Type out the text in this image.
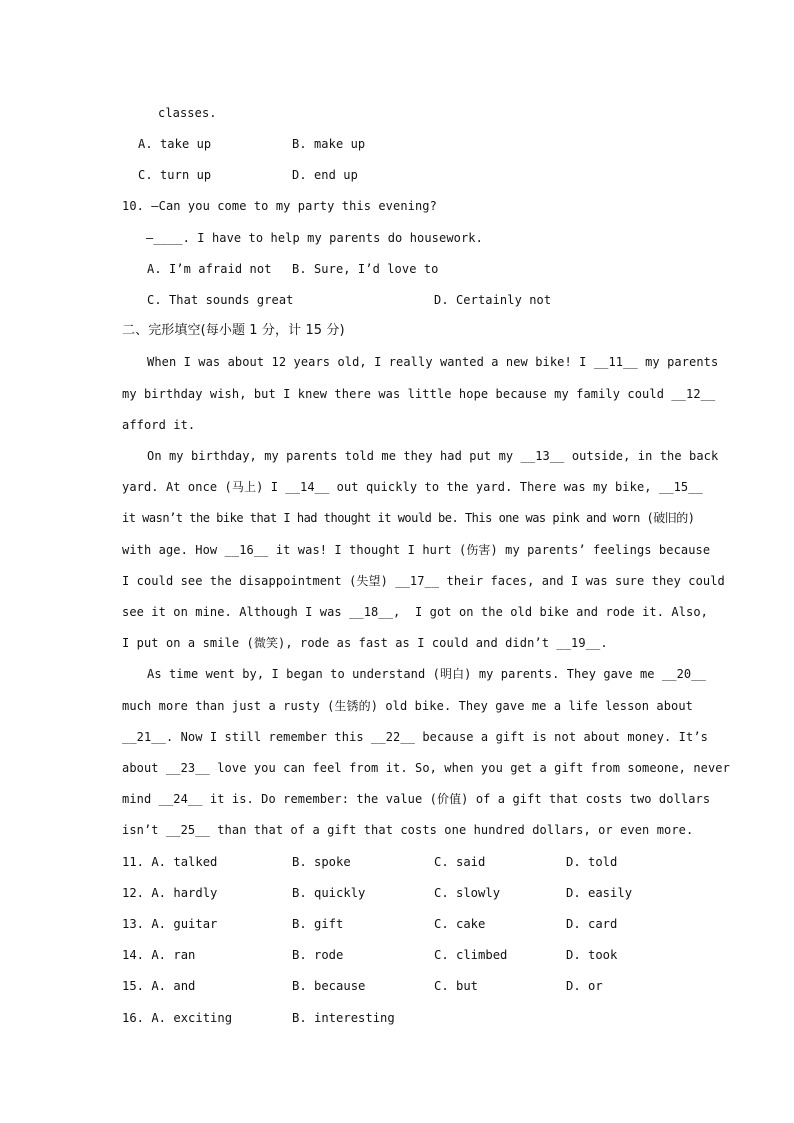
classes.
A. take up	B. make up
C. turn up	D. end up
10. —Can you come to my party this evening?
—____. I have to help my parents do housework.
A. I’m afraid not B. Sure, I’d love to
C. That sounds great	D. Certainly not
二、完形填空(每小题 1 分，计 15 分)
When I was about 12 years old, I really wanted a new bike! I __11__ my parents
my birthday wish, but I knew there was little hope because my family could __12__
afford it.
On my birthday, my parents told me they had put my __13__ outside, in the back
yard. At once (马上) I __14__ out quickly to the yard. There was my bike, __15__
it wasn’t the bike that I had thought it would be. This one was pink and worn (破旧的)
with age. How __16__ it was! I thought I hurt (伤害) my parents’ feelings because
I could see the disappointment (失望) __17__ their faces, and I was sure they could
see it on mine. Although I was __18__,  I got on the old bike and rode it. Also,
I put on a smile (微笑), rode as fast as I could and didn’t __19__.
As time went by, I began to understand (明白) my parents. They gave me __20__
much more than just a rusty (生锈的) old bike. They gave me a life lesson about
__21__. Now I still remember this __22__ because a gift is not about money. It’s
about __23__ love you can feel from it. So, when you get a gift from someone, never
mind __24__ it is. Do remember: the value (价值) of a gift that costs two dollars
isn’t __25__ than that of a gift that costs one hundred dollars, or even more.
11. A. talked	B. spoke	C. said	D. told
12. A. hardly	B. quickly	C. slowly	D. easily
13. A. guitar	B. gift	C. cake	D. card
14. A. ran	B. rode	C. climbed	D. took
15. A. and	B. because	C. but	D. or
16. A. exciting	B. interesting
